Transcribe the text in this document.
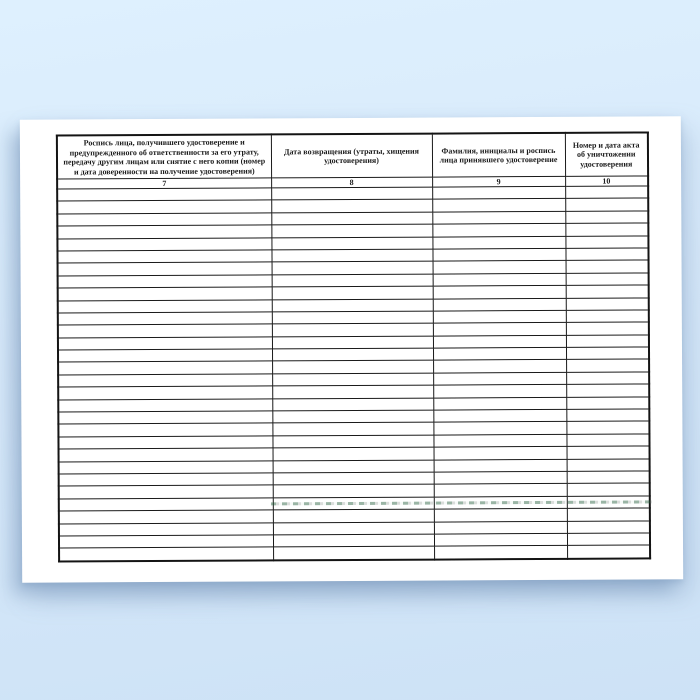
Роспись лица, получившего удостоверение и предупрежденного об ответственности за его утрату, передачу другим лицам или снятие с него копии (номер и дата доверенности на получение удостоверения)	Дата возвращения (утраты, хищения удостоверения)	Фамилия, инициалы и роспись лица принявшего удостоверение	Номер и дата акта об уничтожении удостоверения
7	8	9	10
